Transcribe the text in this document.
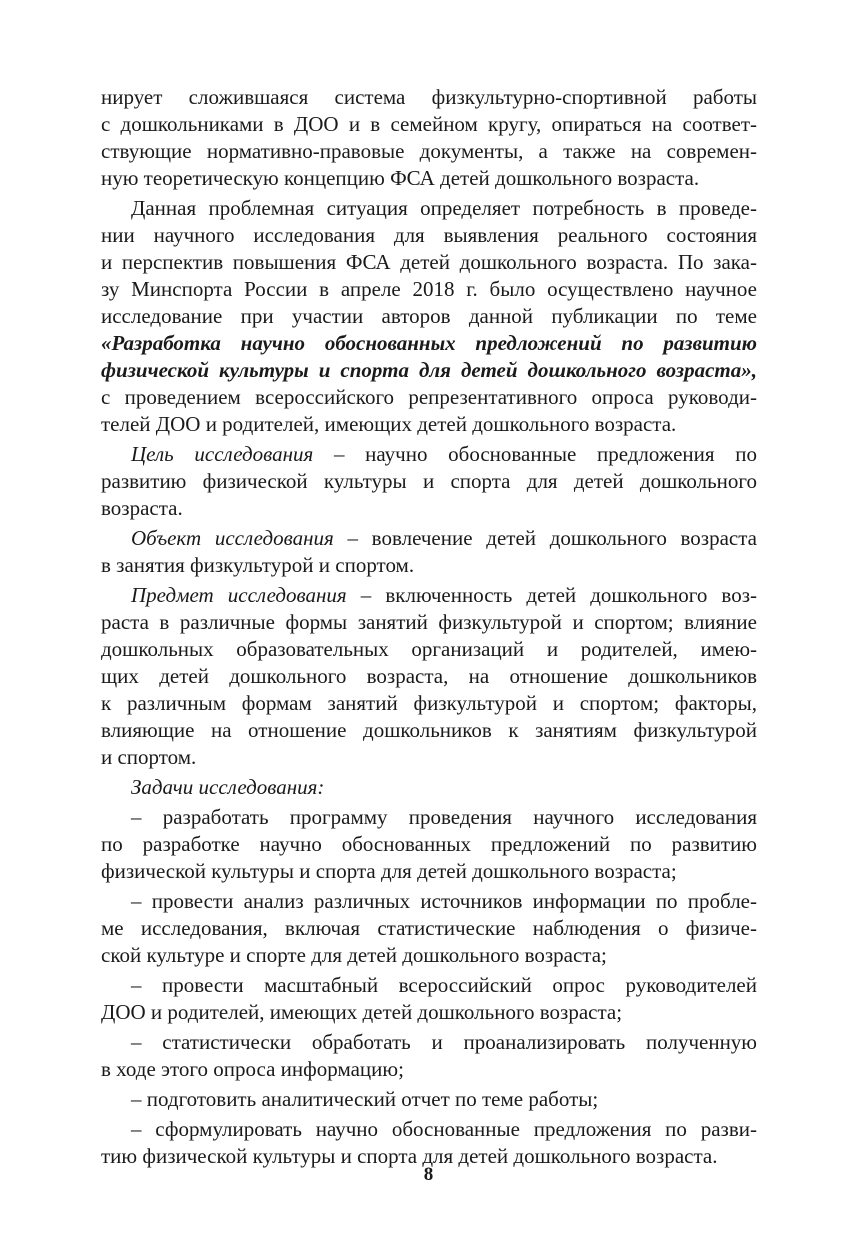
нирует сложившаяся система физкультурно-спортивной работы
с дошкольниками в ДОО и в семейном кругу, опираться на соответ-
ствующие нормативно-правовые документы, а также на современ-
ную теоретическую концепцию ФСА детей дошкольного возраста.
Данная проблемная ситуация определяет потребность в проведе-
нии научного исследования для выявления реального состояния
и перспектив повышения ФСА детей дошкольного возраста. По зака-
зу Минспорта России в апреле 2018 г. было осуществлено научное
исследование при участии авторов данной публикации по теме
«Разработка научно обоснованных предложений по развитию
физической культуры и спорта для детей дошкольного возраста»,
с проведением всероссийского репрезентативного опроса руководи-
телей ДОО и родителей, имеющих детей дошкольного возраста.
Цель исследования – научно обоснованные предложения по
развитию физической культуры и спорта для детей дошкольного
возраста.
Объект исследования – вовлечение детей дошкольного возраста
в занятия физкультурой и спортом.
Предмет исследования – включенность детей дошкольного воз-
раста в различные формы занятий физкультурой и спортом; влияние
дошкольных образовательных организаций и родителей, имею-
щих детей дошкольного возраста, на отношение дошкольников
к различным формам занятий физкультурой и спортом; факторы,
влияющие на отношение дошкольников к занятиям физкультурой
и спортом.
Задачи исследования:
– разработать программу проведения научного исследования
по разработке научно обоснованных предложений по развитию
физической культуры и спорта для детей дошкольного возраста;
– провести анализ различных источников информации по пробле-
ме исследования, включая статистические наблюдения о физиче-
ской культуре и спорте для детей дошкольного возраста;
– провести масштабный всероссийский опрос руководителей
ДОО и родителей, имеющих детей дошкольного возраста;
– статистически обработать и проанализировать полученную
в ходе этого опроса информацию;
– подготовить аналитический отчет по теме работы;
– сформулировать научно обоснованные предложения по разви-
тию физической культуры и спорта для детей дошкольного возраста.
8
